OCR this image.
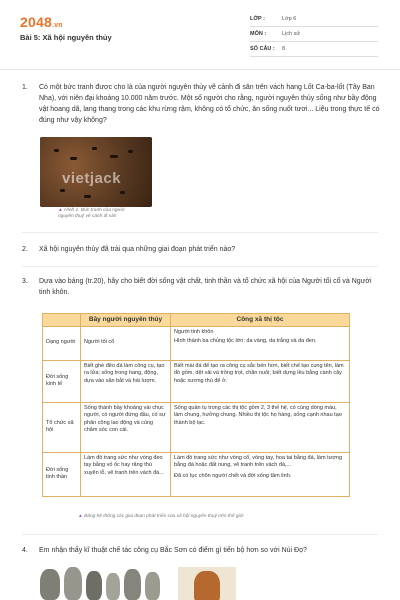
2048.vn
Bài 5: Xã hội nguyên thủy
LỚP :	Lớp 6
MÔN :	Lịch sử
SỐ CÂU :	8
1.	Có một bức tranh được cho là của người nguyên thủy vẽ cảnh đi săn trên vách hang Lốt Ca-ba-lốt (Tây Ban Nha), với niên đại khoảng 10.000 năm trước. Một số người cho rằng, người nguyên thủy sống như bầy động vật hoang dã, lang thang trong các khu rừng rậm, không có tổ chức, ăn sống nuốt tươi... Liệu trong thực tế có đúng như vậy không?
vietjack
▲ Hình 1. Bức tranh của người
nguyên thuỷ vẽ cảnh đi săn
2.	Xã hội nguyên thủy đã trải qua những giai đoạn phát triển nào?
3.	Dựa vào bảng (tr.20), hãy cho biết đời sống vật chất, tinh thần và tổ chức xã hội của Người tối cổ và Người tinh khôn.
	Bầy người nguyên thủy	Công xã thị tộc
Dạng người	Người tối cổ	Người tinh khôn
Hình thành ba chủng tộc lớn: da vàng, da trắng và da đen.

Đời sống kinh tế	Biết ghè đẽo đá làm công cụ, tạo ra lửa; sống trong hang, động, dựa vào săn bắt và hái lượm.	Biết mài đá để tạo ra công cụ sắc bén hơn, biết chế tạo cung tên, làm đồ gốm, dệt vải và trồng trọt, chăn nuôi; biết dựng lều bằng cành cây hoặc xương thú để ở.
Tổ chức xã hội	Sống thành bầy khoảng vài chục người, có người đứng đầu, có sự phân công lao động và cùng chăm sóc con cái.	Sống quần tụ trong các thị tộc gồm 2, 3 thế hệ, có cùng dòng máu, làm chung, hưởng chung. Nhiều thị tộc họ hàng, sống cạnh nhau tạo thành bộ lạc.
Đời sống tinh thần	Làm đồ trang sức như vòng đeo tay bằng vỏ ốc hay răng thú xuyên lỗ, vẽ tranh trên vách đá...	Làm đồ trang sức như vòng cổ, vòng tay, hoa tai bằng đá, làm tượng bằng đá hoặc đất nung, vẽ tranh trên vách đá,...
Đã có tục chôn người chết và đời sống tâm linh.
▲ Bảng hệ thống các giai đoạn phát triển của xã hội nguyên thuỷ trên thế giới
4.	Em nhận thấy kĩ thuật chế tác công cụ Bắc Sơn có điểm gì tiến bộ hơn so với Núi Đọ?
